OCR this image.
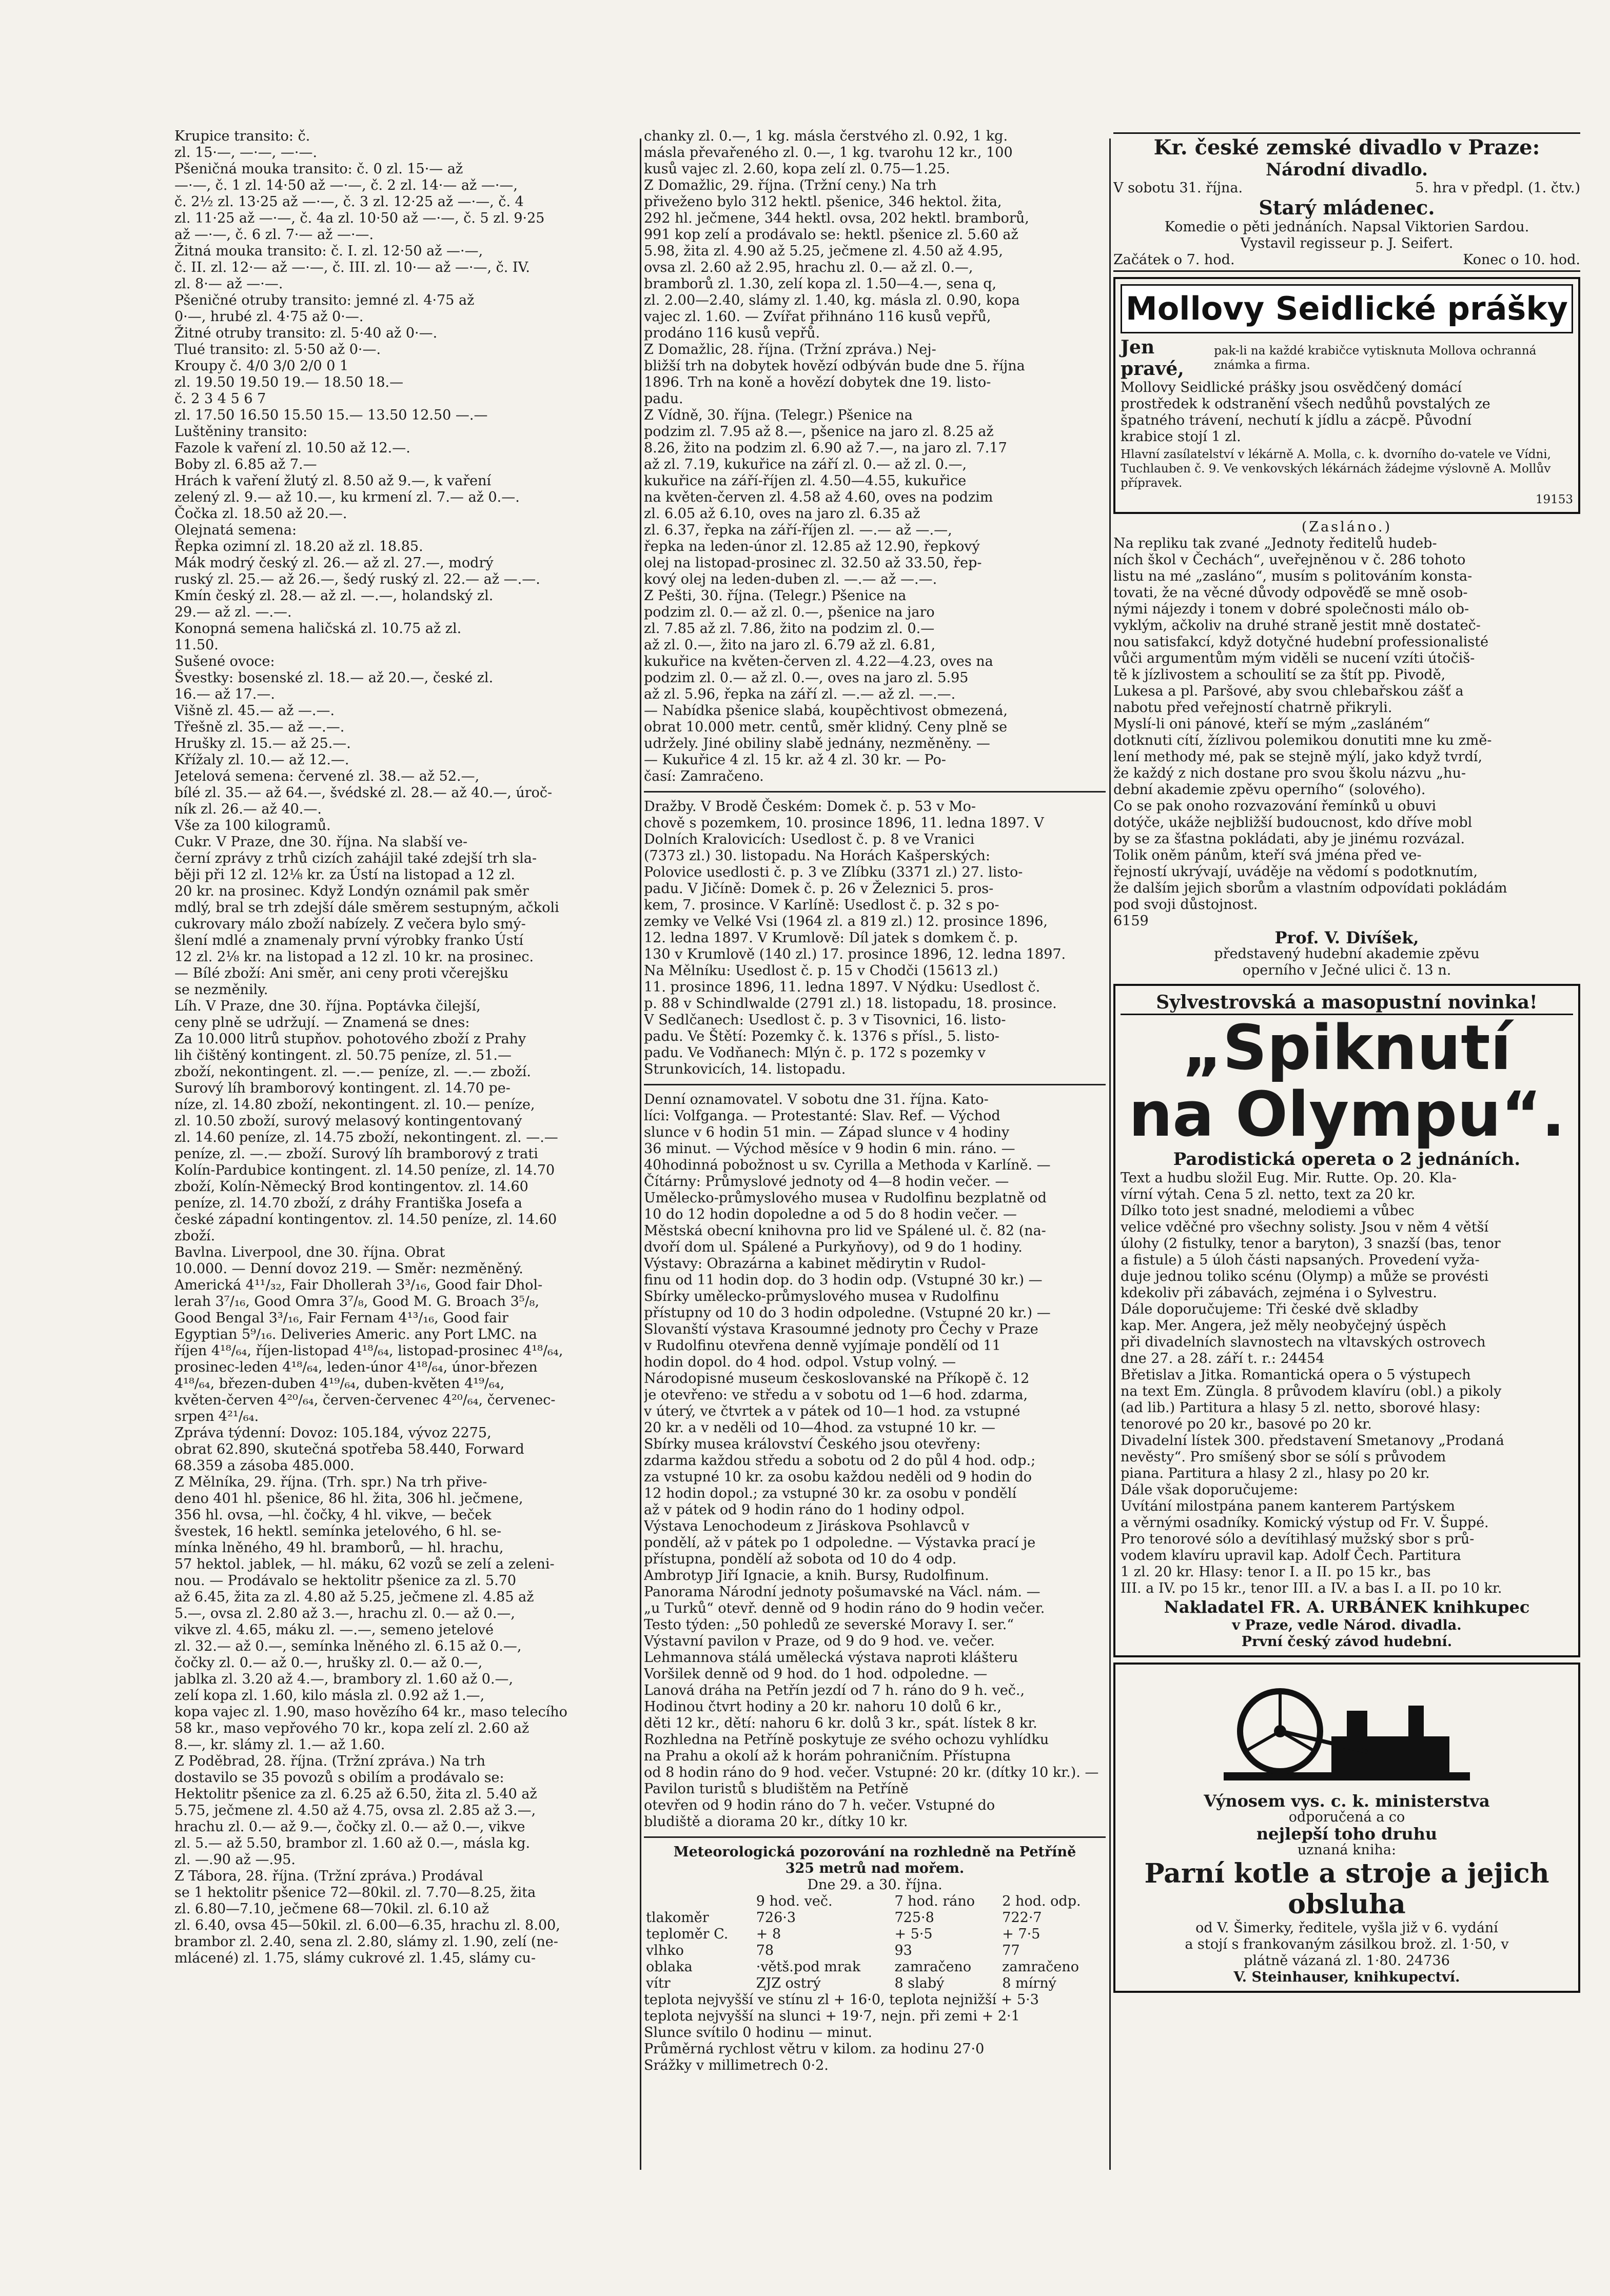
Krupice transito: č.

zl. 15·—, —·—, —·—.

Pšeničná mouka transito: č. 0 zl. 15·— až

—·—, č. 1 zl. 14·50 až —·—, č. 2 zl. 14·— až —·—,

č. 2½ zl. 13·25 až —·—, č. 3 zl. 12·25 až —·—, č. 4

zl. 11·25 až —·—, č. 4a zl. 10·50 až —·—, č. 5 zl. 9·25

až —·—, č. 6 zl. 7·— až —·—.

Žitná mouka transito: č. I. zl. 12·50 až —·—,

č. II. zl. 12·— až —·—, č. III. zl. 10·— až —·—, č. IV.

zl. 8·— až —·—.

Pšeničné otruby transito: jemné zl. 4·75 až

0·—, hrubé zl. 4·75 až 0·—.

Žitné otruby transito: zl. 5·40 až 0·—.

Tlué transito: zl. 5·50 až 0·—.

Kroupy č. 4/0 3/0 2/0 0 1

zl. 19.50 19.50 19.— 18.50 18.—

č. 2 3 4 5 6 7

zl. 17.50 16.50 15.50 15.— 13.50 12.50 —.—

Luštěniny transito:

Fazole k vaření zl. 10.50 až 12.—.

Boby zl. 6.85 až 7.—

Hrách k vaření žlutý zl. 8.50 až 9.—, k vaření

zelený zl. 9.— až 10.—, ku krmení zl. 7.— až 0.—.

Čočka zl. 18.50 až 20.—.

Olejnatá semena:

Řepka ozimní zl. 18.20 až zl. 18.85.

Mák modrý český zl. 26.— až zl. 27.—, modrý

ruský zl. 25.— až 26.—, šedý ruský zl. 22.— až —.—.

Kmín český zl. 28.— až zl. —.—, holandský zl.

29.— až zl. —.—.

Konopná semena haličská zl. 10.75 až zl.

11.50.

Sušené ovoce:

Švestky: bosenské zl. 18.— až 20.—, české zl.

16.— až 17.—.

Višně zl. 45.— až —.—.

Třešně zl. 35.— až —.—.

Hrušky zl. 15.— až 25.—.

Křížaly zl. 10.— až 12.—.

Jetelová semena: červené zl. 38.— až 52.—,

bílé zl. 35.— až 64.—, švédské zl. 28.— až 40.—, úroč-

ník zl. 26.— až 40.—.

Vše za 100 kilogramů.

Cukr. V Praze, dne 30. října. Na slabší ve-

černí zprávy z trhů cizích zahájil také zdejší trh sla-

běji při 12 zl. 12⅛ kr. za Ústí na listopad a 12 zl.

20 kr. na prosinec. Když Londýn oznámil pak směr

mdlý, bral se trh zdejší dále směrem sestupným, ačkoli

cukrovary málo zboží nabízely. Z večera bylo smý-

šlení mdlé a znamenaly první výrobky franko Ústí

12 zl. 2⅛ kr. na listopad a 12 zl. 10 kr. na prosinec.

— Bílé zboží: Ani směr, ani ceny proti včerejšku

se nezměnily.

Líh. V Praze, dne 30. října. Poptávka čilejší,

ceny plně se udržují. — Znamená se dnes:

Za 10.000 litrů stupňov. pohotového zboží z Prahy

lih čištěný kontingent. zl. 50.75 peníze, zl. 51.—

zboží, nekontingent. zl. —.— peníze, zl. —.— zboží.

Surový líh bramborový kontingent. zl. 14.70 pe-

níze, zl. 14.80 zboží, nekontingent. zl. 10.— peníze,

zl. 10.50 zboží, surový melasový kontingentovaný

zl. 14.60 peníze, zl. 14.75 zboží, nekontingent. zl. —.—

peníze, zl. —.— zboží. Surový líh bramborový z trati

Kolín-Pardubice kontingent. zl. 14.50 peníze, zl. 14.70

zboží, Kolín-Německý Brod kontingentov. zl. 14.60

peníze, zl. 14.70 zboží, z dráhy Františka Josefa a

české západní kontingentov. zl. 14.50 peníze, zl. 14.60

zboží.

Bavlna. Liverpool, dne 30. října. Obrat

10.000. — Denní dovoz 219. — Směr: nezměněný.

Americká 4¹¹/₃₂, Fair Dhollerah 3³/₁₆, Good fair Dhol-

lerah 3⁷/₁₆, Good Omra 3⁷/₈, Good M. G. Broach 3⁵/₈,

Good Bengal 3³/₁₆, Fair Fernam 4¹³/₁₆, Good fair

Egyptian 5⁹/₁₆. Deliveries Americ. any Port LMC. na

říjen 4¹⁸/₆₄, říjen-listopad 4¹⁸/₆₄, listopad-prosinec 4¹⁸/₆₄,

prosinec-leden 4¹⁸/₆₄, leden-únor 4¹⁸/₆₄, únor-březen

4¹⁸/₆₄, březen-duben 4¹⁹/₆₄, duben-květen 4¹⁹/₆₄,

květen-červen 4²⁰/₆₄, červen-červenec 4²⁰/₆₄, červenec-

srpen 4²¹/₆₄.

Zpráva týdenní: Dovoz: 105.184, vývoz 2275,

obrat 62.890, skutečná spotřeba 58.440, Forward

68.359 a zásoba 485.000.

Z Mělníka, 29. října. (Trh. spr.) Na trh přive-

deno 401 hl. pšenice, 86 hl. žita, 306 hl. ječmene,

356 hl. ovsa, —hl. čočky, 4 hl. vikve, — beček

švestek, 16 hektl. semínka jetelového, 6 hl. se-

mínka lněného, 49 hl. bramborů, — hl. hrachu,

57 hektol. jablek, — hl. máku, 62 vozů se zelí a zeleni-

nou. — Prodávalo se hektolitr pšenice za zl. 5.70

až 6.45, žita za zl. 4.80 až 5.25, ječmene zl. 4.85 až

5.—, ovsa zl. 2.80 až 3.—, hrachu zl. 0.— až 0.—,

vikve zl. 4.65, máku zl. —.—, semeno jetelové

zl. 32.— až 0.—, semínka lněného zl. 6.15 až 0.—,

čočky zl. 0.— až 0.—, hrušky zl. 0.— až 0.—,

jablka zl. 3.20 až 4.—, brambory zl. 1.60 až 0.—,

zelí kopa zl. 1.60, kilo másla zl. 0.92 až 1.—,

kopa vajec zl. 1.90, maso hovězího 64 kr., maso telecího

58 kr., maso vepřového 70 kr., kopa zelí zl. 2.60 až

8.—, kr. slámy zl. 1.— až 1.60.

Z Poděbrad, 28. října. (Tržní zpráva.) Na trh

dostavilo se 35 povozů s obilím a prodávalo se:

Hektolitr pšenice za zl. 6.25 až 6.50, žita zl. 5.40 až

5.75, ječmene zl. 4.50 až 4.75, ovsa zl. 2.85 až 3.—,

hrachu zl. 0.— až 9.—, čočky zl. 0.— až 0.—, vikve

zl. 5.— až 5.50, brambor zl. 1.60 až 0.—, másla kg.

zl. —.90 až —.95.

Z Tábora, 28. října. (Tržní zpráva.) Prodával

se 1 hektolitr pšenice 72—80kil. zl. 7.70—8.25, žita

zl. 6.80—7.10, ječmene 68—70kil. zl. 6.10 až

zl. 6.40, ovsa 45—50kil. zl. 6.00—6.35, hrachu zl. 8.00,

brambor zl. 2.40, sena zl. 2.80, slámy zl. 1.90, zelí (ne-

mlácené) zl. 1.75, slámy cukrové zl. 1.45, slámy cu-

chanky zl. 0.—, 1 kg. másla čerstvého zl. 0.92, 1 kg.

másla převařeného zl. 0.—, 1 kg. tvarohu 12 kr., 100

kusů vajec zl. 2.60, kopa zelí zl. 0.75—1.25.

Z Domažlic, 29. října. (Tržní ceny.) Na trh

přiveženo bylo 312 hektl. pšenice, 346 hektol. žita,

292 hl. ječmene, 344 hektl. ovsa, 202 hektl. bramborů,

991 kop zelí a prodávalo se: hektl. pšenice zl. 5.60 až

5.98, žita zl. 4.90 až 5.25, ječmene zl. 4.50 až 4.95,

ovsa zl. 2.60 až 2.95, hrachu zl. 0.— až zl. 0.—,

bramborů zl. 1.30, zelí kopa zl. 1.50—4.—, sena q,

zl. 2.00—2.40, slámy zl. 1.40, kg. másla zl. 0.90, kopa

vajec zl. 1.60. — Zvířat přihnáno 116 kusů vepřů,

prodáno 116 kusů vepřů.

Z Domažlic, 28. října. (Tržní zpráva.) Nej-

bližší trh na dobytek hovězí odbýván bude dne 5. října

1896. Trh na koně a hovězí dobytek dne 19. listo-

padu.

Z Vídně, 30. října. (Telegr.) Pšenice na

podzim zl. 7.95 až 8.—, pšenice na jaro zl. 8.25 až

8.26, žito na podzim zl. 6.90 až 7.—, na jaro zl. 7.17

až zl. 7.19, kukuřice na září zl. 0.— až zl. 0.—,

kukuřice na září-říjen zl. 4.50—4.55, kukuřice

na květen-červen zl. 4.58 až 4.60, oves na podzim

zl. 6.05 až 6.10, oves na jaro zl. 6.35 až

zl. 6.37, řepka na září-říjen zl. —.— až —.—,

řepka na leden-únor zl. 12.85 až 12.90, řepkový

olej na listopad-prosinec zl. 32.50 až 33.50, řep-

kový olej na leden-duben zl. —.— až —.—.

Z Pešti, 30. října. (Telegr.) Pšenice na

podzim zl. 0.— až zl. 0.—, pšenice na jaro

zl. 7.85 až zl. 7.86, žito na podzim zl. 0.—

až zl. 0.—, žito na jaro zl. 6.79 až zl. 6.81,

kukuřice na květen-červen zl. 4.22—4.23, oves na

podzim zl. 0.— až zl. 0.—, oves na jaro zl. 5.95

až zl. 5.96, řepka na září zl. —.— až zl. —.—.

— Nabídka pšenice slabá, koupěchtivost obmezená,

obrat 10.000 metr. centů, směr klidný. Ceny plně se

udržely. Jiné obiliny slabě jednány, nezměněny. —

— Kukuřice 4 zl. 15 kr. až 4 zl. 30 kr. — Po-

časí: Zamračeno.

Dražby. V Brodě Českém: Domek č. p. 53 v Mo-

chově s pozemkem, 10. prosince 1896, 11. ledna 1897. V

Dolních Kralovicích: Usedlost č. p. 8 ve Vranici

(7373 zl.) 30. listopadu. Na Horách Kašperských:

Polovice usedlosti č. p. 3 ve Zlíbku (3371 zl.) 27. listo-

padu. V Jičíně: Domek č. p. 26 v Železnici 5. pros-

kem, 7. prosince. V Karlíně: Usedlost č. p. 32 s po-

zemky ve Velké Vsi (1964 zl. a 819 zl.) 12. prosince 1896,

12. ledna 1897. V Krumlově: Díl jatek s domkem č. p.

130 v Krumlově (140 zl.) 17. prosince 1896, 12. ledna 1897.

Na Mělníku: Usedlost č. p. 15 v Chodči (15613 zl.)

11. prosince 1896, 11. ledna 1897. V Nýdku: Usedlost č.

p. 88 v Schindlwalde (2791 zl.) 18. listopadu, 18. prosince.

V Sedlčanech: Usedlost č. p. 3 v Tisovnici, 16. listo-

padu. Ve Štětí: Pozemky č. k. 1376 s přísl., 5. listo-

padu. Ve Vodňanech: Mlýn č. p. 172 s pozemky v

Strunkovicích, 14. listopadu.

Denní oznamovatel. V sobotu dne 31. října. Kato-

líci: Volfganga. — Protestanté: Slav. Ref. — Východ

slunce v 6 hodin 51 min. — Západ slunce v 4 hodiny

36 minut. — Východ měsíce v 9 hodin 6 min. ráno. —

40hodinná pobožnost u sv. Cyrilla a Methoda v Karlíně. —

Čítárny: Průmyslové jednoty od 4—8 hodin večer. —

Umělecko-průmyslového musea v Rudolfinu bezplatně od

10 do 12 hodin dopoledne a od 5 do 8 hodin večer. —

Městská obecní knihovna pro lid ve Spálené ul. č. 82 (na-

dvoří dom ul. Spálené a Purkyňovy), od 9 do 1 hodiny.

Výstavy: Obrazárna a kabinet mědirytin v Rudol-

finu od 11 hodin dop. do 3 hodin odp. (Vstupné 30 kr.) —

Sbírky umělecko-průmyslového musea v Rudolfinu

přístupny od 10 do 3 hodin odpoledne. (Vstupné 20 kr.) —

Slovanští výstava Krasoumné jednoty pro Čechy v Praze

v Rudolfinu otevřena denně vyjímaje pondělí od 11

hodin dopol. do 4 hod. odpol. Vstup volný. —

Národopisné museum českoslovanské na Příkopě č. 12

je otevřeno: ve středu a v sobotu od 1—6 hod. zdarma,

v úterý, ve čtvrtek a v pátek od 10—1 hod. za vstupné

20 kr. a v neděli od 10—4hod. za vstupné 10 kr. —

Sbírky musea království Českého jsou otevřeny:

zdarma každou středu a sobotu od 2 do půl 4 hod. odp.;

za vstupné 10 kr. za osobu každou neděli od 9 hodin do

12 hodin dopol.; za vstupné 30 kr. za osobu v pondělí

až v pátek od 9 hodin ráno do 1 hodiny odpol.

Výstava Lenochodeum z Jiráskova Psohlavců v

pondělí, až v pátek po 1 odpoledne. — Výstavka prací je

přístupna, pondělí až sobota od 10 do 4 odp.

Ambrotyp Jiří Ignacie, a knih. Bursy, Rudolfinum.

Panorama Národní jednoty pošumavské na Václ. nám. —

„u Turků“ otevř. denně od 9 hodin ráno do 9 hodin večer.

Testo týden: „50 pohledů ze severské Moravy I. ser.“

Výstavní pavilon v Praze, od 9 do 9 hod. ve. večer.

Lehmannova stálá umělecká výstava naproti klášteru

Voršilek denně od 9 hod. do 1 hod. odpoledne. —

Lanová dráha na Petřín jezdí od 7 h. ráno do 9 h. več.,

Hodinou čtvrt hodiny a 20 kr. nahoru 10 dolů 6 kr.,

děti 12 kr., dětí: nahoru 6 kr. dolů 3 kr., spát. lístek 8 kr.

Rozhledna na Petříně poskytuje ze svého ochozu vyhlídku

na Prahu a okolí až k horám pohraničním. Přístupna

od 8 hodin ráno do 9 hod. večer. Vstupné: 20 kr. (dítky 10 kr.). —

Pavilon turistů s bludištěm na Petříně

otevřen od 9 hodin ráno do 7 h. večer. Vstupné do

bludiště a diorama 20 kr., dítky 10 kr.

Meteorologická pozorování na rozhledně na Petříně

325 metrů nad mořem.

Dne 29. a 30. října.

	9 hod. več.	7 hod. ráno	2 hod. odp.
tlakoměr	726·3	725·8	722·7
teploměr C.	+ 8	+ 5·5	+ 7·5
vlhko	78	93	77
oblaka	·větš.pod mrak	zamračeno	zamračeno
vítr	ZJZ ostrý	8 slabý	8 mírný

teplota nejvyšší ve stínu zl + 16·0, teplota nejnižší + 5·3

teplota nejvyšší na slunci + 19·7, nejn. při zemi + 2·1

Slunce svítilo 0 hodinu — minut.

Průměrná rychlost větru v kilom. za hodinu 27·0

Srážky v millimetrech 0·2.

Kr. české zemské divadlo v Praze:

Národní divadlo.

V sobotu 31. října.	5. hra v předpl. (1. čtv.)

Starý mládenec.

Komedie o pěti jednáních. Napsal Viktorien Sardou.

Vystavil regisseur p. J. Seifert.

Začátek o 7. hod.	Konec o 10. hod.
Mollovy Seidlické prášky
Jen pravé,
pak-li na každé krabičce vytisknuta Mollova ochranná známka a firma.

Mollovy Seidlické prášky jsou osvědčený domácí

prostředek k odstranění všech nedůhů povstalých ze

špatného trávení, nechutí k jídlu a zácpě. Původní

krabice stojí 1 zl.

Hlavní zasílatelství v lékárně A. Molla, c. k. dvorního do-vatele ve Vídni, Tuchlauben č. 9. Ve venkovských lékárnách žádejme výslovně A. Mollův přípravek.

19153

(Zasláno.)

Na repliku tak zvané „Jednoty ředitelů hudeb-

ních škol v Čechách“, uveřejněnou v č. 286 tohoto

listu na mé „zasláno“, musím s politováním konsta-

tovati, že na věcné důvody odpověďě se mně osob-

nými nájezdy i tonem v dobré společnosti málo ob-

vyklým, ačkoliv na druhé straně jestit mně dostateč-

nou satisfakcí, když dotyčné hudební professionalisté

vůči argumentům mým viděli se nucení vzíti útočiš-

tě k jízlivostem a schoulití se za štít pp. Pivodě,

Lukesa a pl. Paršové, aby svou chlebařskou zášť a

nabotu před veřejností chatrně přikryli.

Myslí-li oni pánové, kteří se mým „zasláném“

dotknuti cítí, žízlivou polemikou donutiti mne ku změ-

lení methody mé, pak se stejně mýlí, jako když tvrdí,

že každý z nich dostane pro svou školu názvu „hu-

dební akademie zpěvu operního“ (solového).

Co se pak onoho rozvazování řemínků u obuvi

dotýče, ukáže nejbližší budoucnost, kdo dříve mobl

by se za šťastna pokládati, aby je jinému rozvázal.

Tolik oněm pánům, kteří svá jména před ve-

řejností ukrývají, uváděje na vědomí s podotknutím,

že dalším jejich sborům a vlastním odpovídati pokládám

pod svoji důstojnost.

6159

Prof. V. Divíšek,

představený hudební akademie zpěvu

operního v Ječné ulici č. 13 n.

Sylvestrovská a masopustní novinka!

„Spiknutí

na Olympu“.

Parodistická opereta o 2 jednáních.

Text a hudbu složil Eug. Mir. Rutte. Op. 20. Kla-

vírní výtah. Cena 5 zl. netto, text za 20 kr.

Dílko toto jest snadné, melodiemi a vůbec

velice vděčné pro všechny solisty. Jsou v něm 4 větší

úlohy (2 fistulky, tenor a baryton), 3 snazší (bas, tenor

a fistule) a 5 úloh části napsaných. Provedení vyža-

duje jednou toliko scénu (Olymp) a může se provésti

kdekoliv při zábavách, zejména i o Sylvestru.

Dále doporučujeme: Tři české dvě skladby

kap. Mer. Angera, jež měly neobyčejný úspěch

při divadelních slavnostech na vltavských ostrovech

dne 27. a 28. září t. r.: 24454

Břetislav a Jitka. Romantická opera o 5 výstupech

na text Em. Züngla. 8 průvodem klavíru (obl.) a pikoly

(ad lib.) Partitura a hlasy 5 zl. netto, sborové hlasy:

tenorové po 20 kr., basové po 20 kr.

Divadelní lístek 300. představení Smetanovy „Prodaná

nevěsty“. Pro smíšený sbor se sólí s průvodem

piana. Partitura a hlasy 2 zl., hlasy po 20 kr.

Dále však doporučujeme:

Uvítání milostpána panem kanterem Partýskem

a věrnými osadníky. Komický výstup od Fr. V. Šuppé.

Pro tenorové sólo a devítihlasý mužský sbor s prů-

vodem klavíru upravil kap. Adolf Čech. Partitura

1 zl. 20 kr. Hlasy: tenor I. a II. po 15 kr., bas

III. a IV. po 15 kr., tenor III. a IV. a bas I. a II. po 10 kr.

Nakladatel FR. A. URBÁNEK knihkupec

v Praze, vedle Národ. divadla.

První český závod hudební.

Výnosem vys. c. k. ministerstva

odporučená a co

nejlepší toho druhu

uznaná kniha:

Parní kotle a stroje a jejich obsluha

od V. Šimerky, ředitele, vyšla již v 6. vydání

a stojí s frankovaným zásilkou brož. zl. 1·50, v

plátně vázaná zl. 1·80. 24736

V. Steinhauser, knihkupectví.
